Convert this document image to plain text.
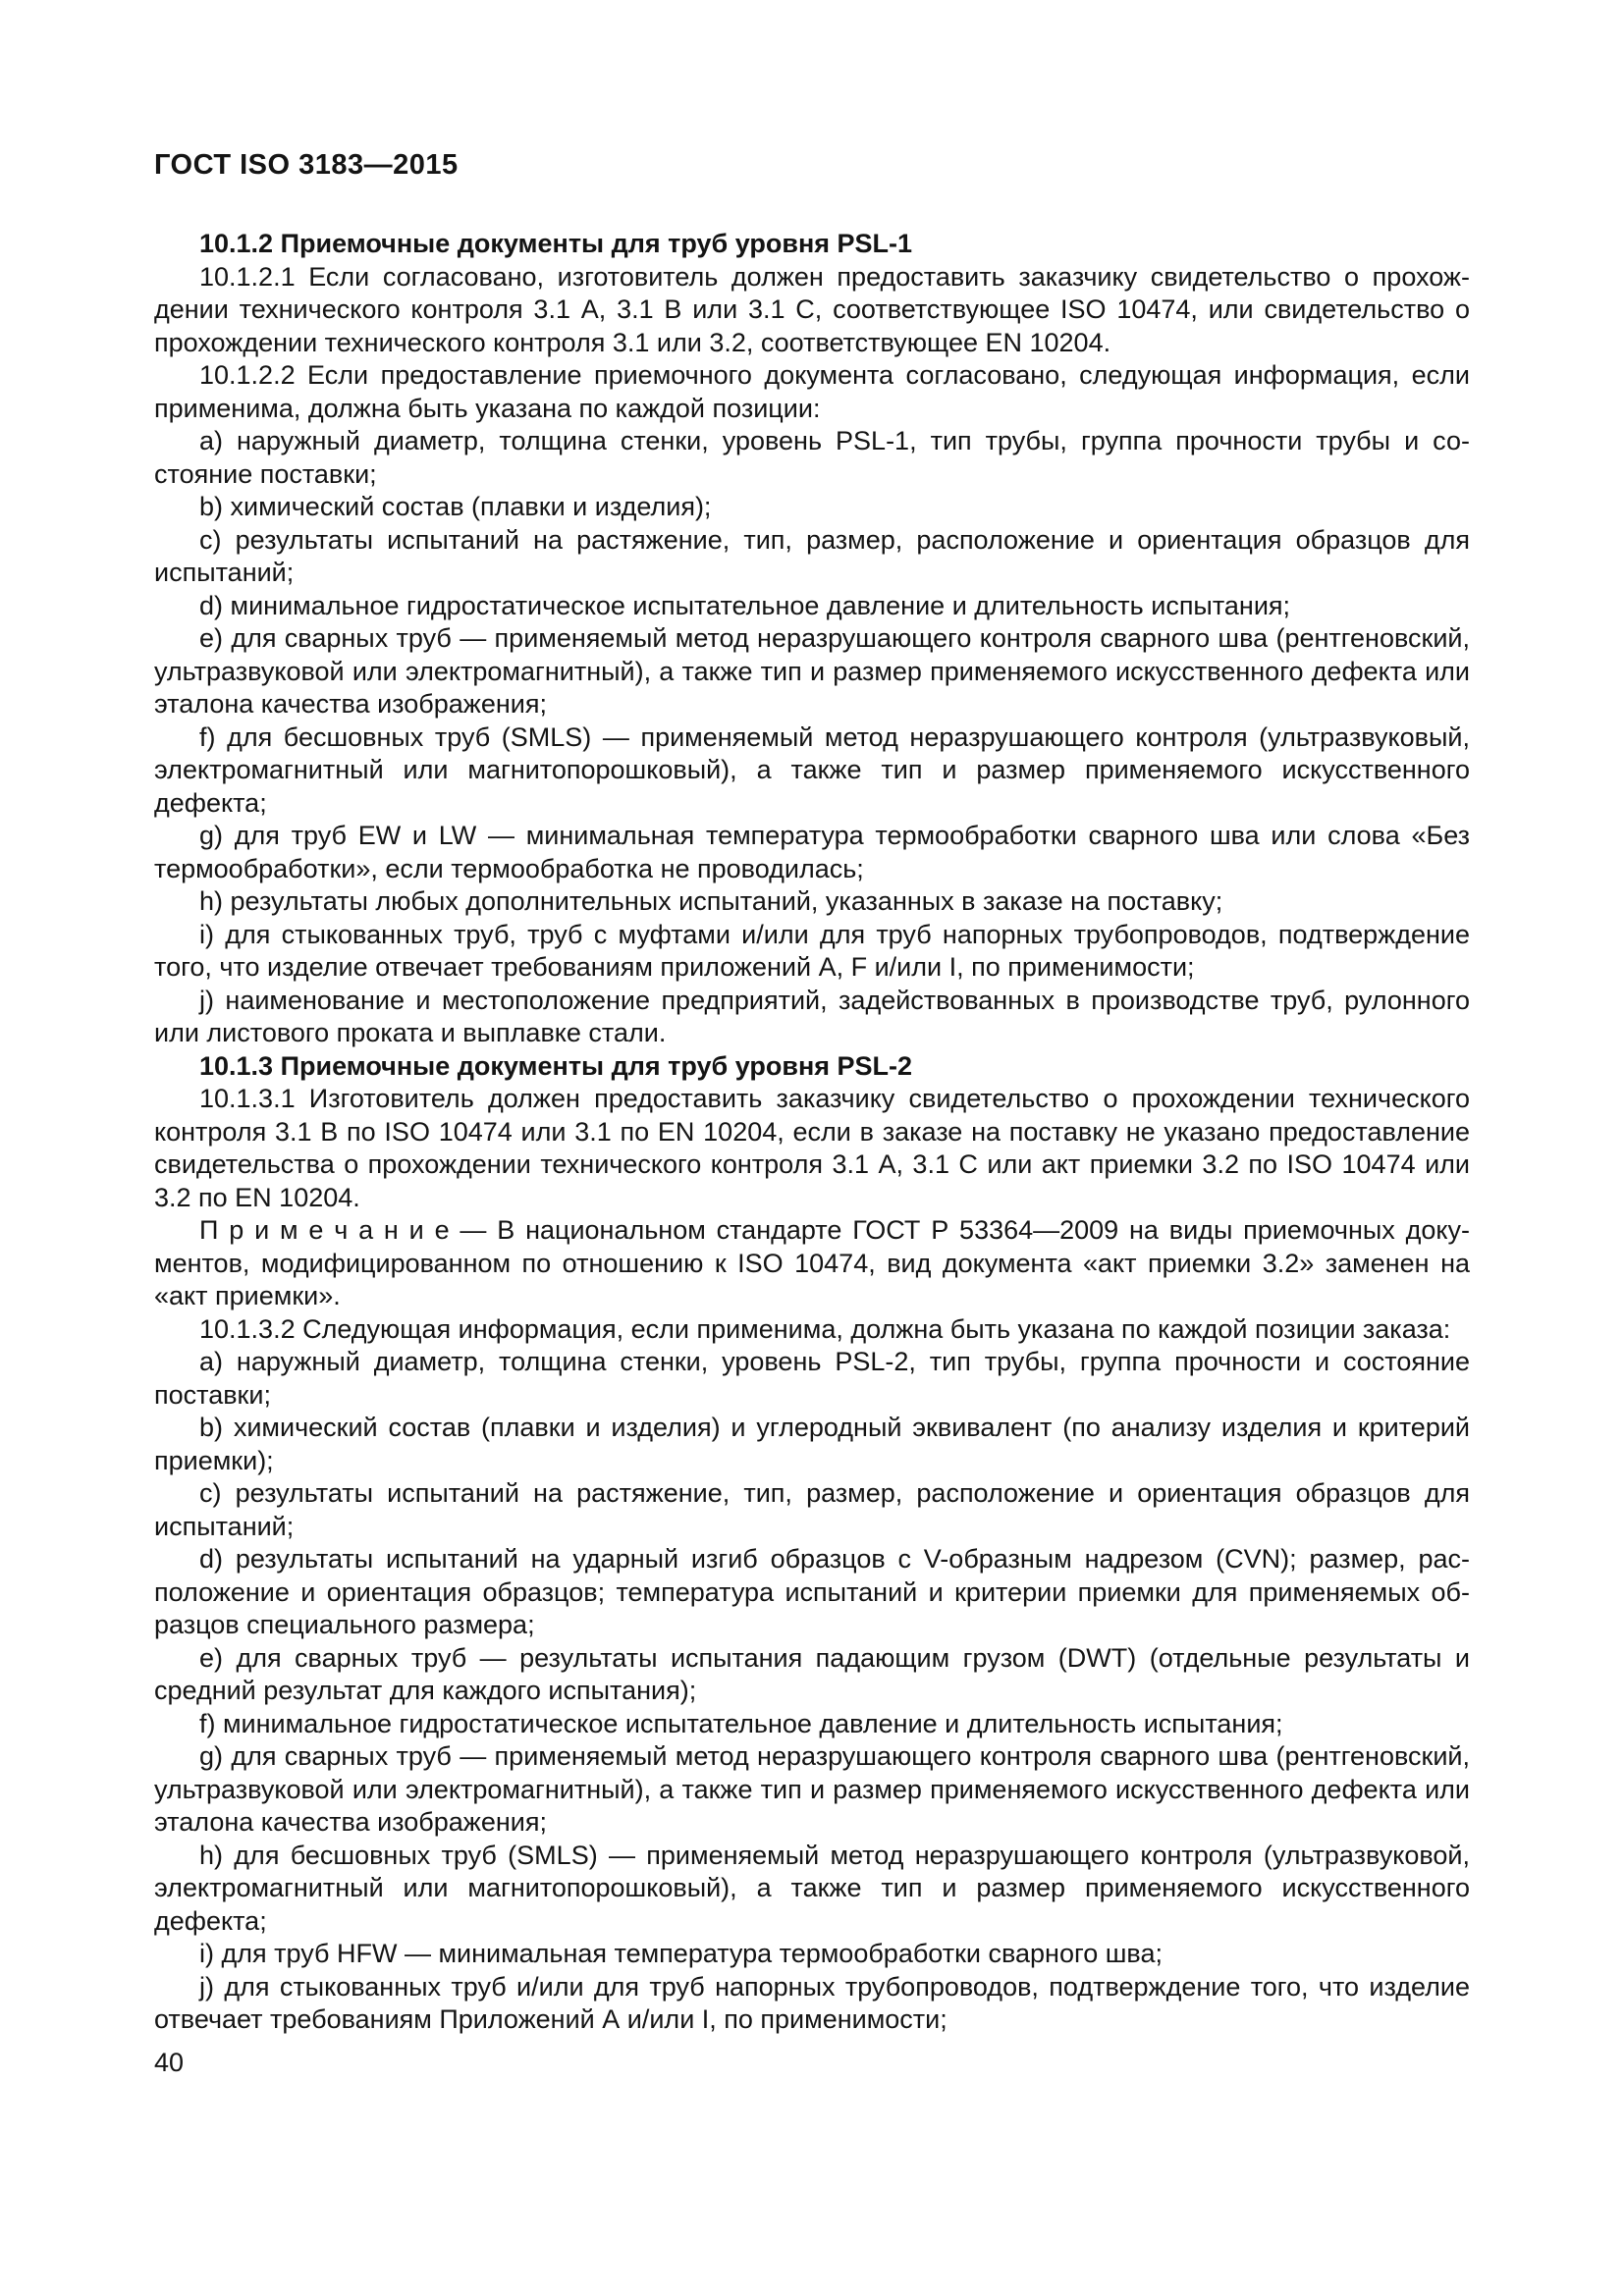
ГОСТ ISO 3183—2015
10.1.2 Приемочные документы для труб уровня PSL-1

10.1.2.1 Если согласовано, изготовитель должен предоставить заказчику свидетельство о прохождении технического контроля 3.1 А, 3.1 В или 3.1 С, соответствующее ISO 10474, или свидетельство о прохождении технического контроля 3.1 или 3.2, соответствующее EN 10204.

10.1.2.2 Если предоставление приемочного документа согласовано, следующая информация, если применима, должна быть указана по каждой позиции:

a) наружный диаметр, толщина стенки, уровень PSL-1, тип трубы, группа прочности трубы и состояние поставки;

b) химический состав (плавки и изделия);

c) результаты испытаний на растяжение, тип, размер, расположение и ориентация образцов для испытаний;

d) минимальное гидростатическое испытательное давление и длительность испытания;

e) для сварных труб — применяемый метод неразрушающего контроля сварного шва (рентгеновский, ультразвуковой или электромагнитный), а также тип и размер применяемого искусственного дефекта или эталона качества изображения;

f) для бесшовных труб (SMLS) — применяемый метод неразрушающего контроля (ультразвуковый, электромагнитный или магнитопорошковый), а также тип и размер применяемого искусственного дефекта;

g) для труб EW и LW — минимальная температура термообработки сварного шва или слова «Без термообработки», если термообработка не проводилась;

h) результаты любых дополнительных испытаний, указанных в заказе на поставку;

i) для стыкованных труб, труб с муфтами и/или для труб напорных трубопроводов, подтверждение того, что изделие отвечает требованиям приложений А, F и/или I, по применимости;

j) наименование и местоположение предприятий, задействованных в производстве труб, рулонного или листового проката и выплавке стали.

10.1.3 Приемочные документы для труб уровня PSL-2

10.1.3.1 Изготовитель должен предоставить заказчику свидетельство о прохождении технического контроля 3.1 В по ISO 10474 или 3.1 по EN 10204, если в заказе на поставку не указано предоставление свидетельства о прохождении технического контроля 3.1 А, 3.1 С или акт приемки 3.2 по ISO 10474 или 3.2 по EN 10204.

П р и м е ч а н и е — В национальном стандарте ГОСТ Р 53364—2009 на виды приемочных документов, модифицированном по отношению к ISO 10474, вид документа «акт приемки 3.2» заменен на «акт приемки».

10.1.3.2 Следующая информация, если применима, должна быть указана по каждой позиции заказа:

a) наружный диаметр, толщина стенки, уровень PSL-2, тип трубы, группа прочности и состояние поставки;

b) химический состав (плавки и изделия) и углеродный эквивалент (по анализу изделия и критерий приемки);

c) результаты испытаний на растяжение, тип, размер, расположение и ориентация образцов для испытаний;

d) результаты испытаний на ударный изгиб образцов с V-образным надрезом (CVN); размер, расположение и ориентация образцов; температура испытаний и критерии приемки для применяемых образцов специального размера;

e) для сварных труб — результаты испытания падающим грузом (DWT) (отдельные результаты и средний результат для каждого испытания);

f) минимальное гидростатическое испытательное давление и длительность испытания;

g) для сварных труб — применяемый метод неразрушающего контроля сварного шва (рентгеновский, ультразвуковой или электромагнитный), а также тип и размер применяемого искусственного дефекта или эталона качества изображения;

h) для бесшовных труб (SMLS) — применяемый метод неразрушающего контроля (ультразвуковой, электромагнитный или магнитопорошковый), а также тип и размер применяемого искусственного дефекта;

i) для труб HFW — минимальная температура термообработки сварного шва;

j) для стыкованных труб и/или для труб напорных трубопроводов, подтверждение того, что изделие отвечает требованиям Приложений А и/или I, по применимости;

40
